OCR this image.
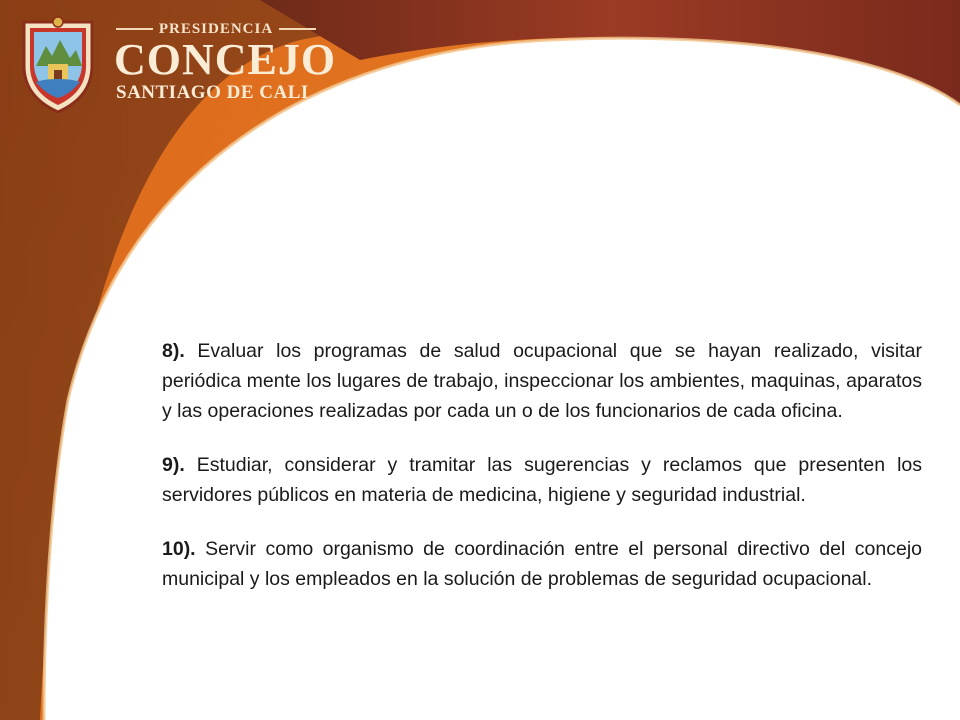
PRESIDENCIA
CONCEJO
SANTIAGO DE CALI

8). Evaluar los programas de salud ocupacional que se hayan realizado, visitar periódica mente los lugares de trabajo, inspeccionar los ambientes, maquinas, aparatos y las operaciones realizadas por cada un o de los funcionarios de cada oficina.

9). Estudiar, considerar y tramitar las sugerencias y reclamos que presenten los servidores públicos en materia de medicina, higiene y seguridad industrial.

10). Servir como organismo de coordinación entre el personal directivo del concejo municipal y los empleados en la solución de problemas de seguridad ocupacional.
